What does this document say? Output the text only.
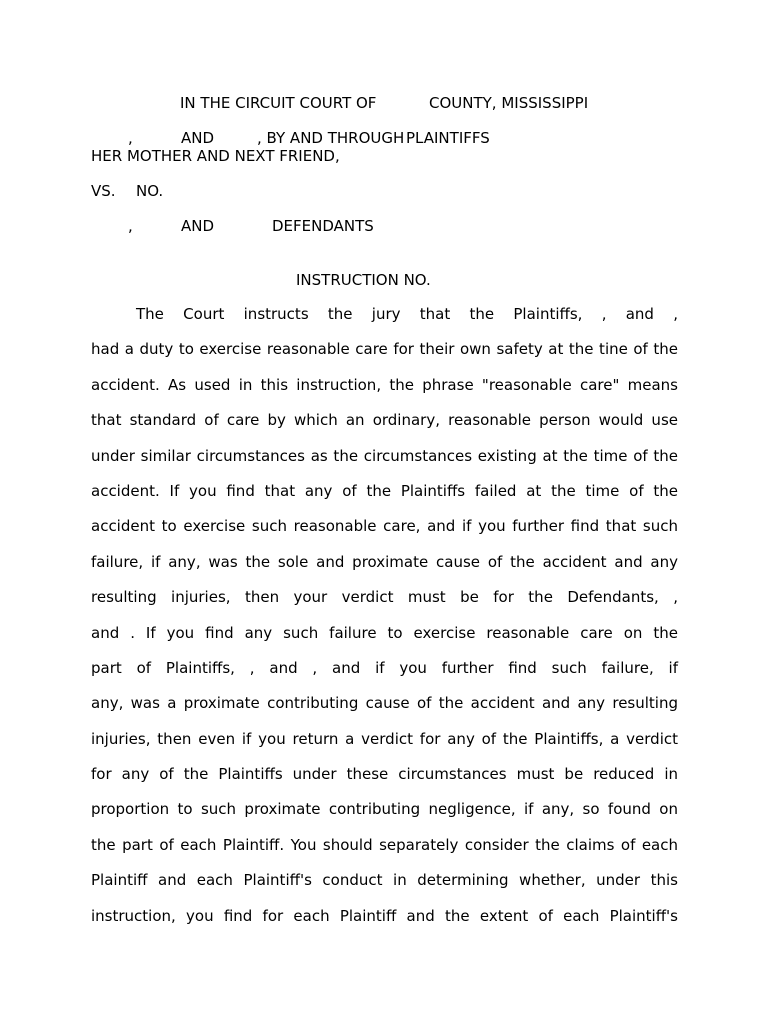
IN THE CIRCUIT COURT OF	COUNTY, MISSISSIPPI
,	AND	, BY AND THROUGH PLAINTIFFS
HER MOTHER AND NEXT FRIEND,
VS. NO.
,	AND	DEFENDANTS
INSTRUCTION NO.
The Court instructs the jury that the Plaintiffs, , and ,
had a duty to exercise reasonable care for their own safety at the tine of the
accident. As used in this instruction, the phrase "reasonable care" means
that standard of care by which an ordinary, reasonable person would use
under similar circumstances as the circumstances existing at the time of the
accident. If you find that any of the Plaintiffs failed at the time of the
accident to exercise such reasonable care, and if you further find that such
failure, if any, was the sole and proximate cause of the accident and any
resulting injuries, then your verdict must be for the Defendants, ,
and . If you find any such failure to exercise reasonable care on the
part of Plaintiffs, , and , and if you further find such failure, if
any, was a proximate contributing cause of the accident and any resulting
injuries, then even if you return a verdict for any of the Plaintiffs, a verdict
for any of the Plaintiffs under these circumstances must be reduced in
proportion to such proximate contributing negligence, if any, so found on
the part of each Plaintiff. You should separately consider the claims of each
Plaintiff and each Plaintiff's conduct in determining whether, under this
instruction, you find for each Plaintiff and the extent of each Plaintiff's
